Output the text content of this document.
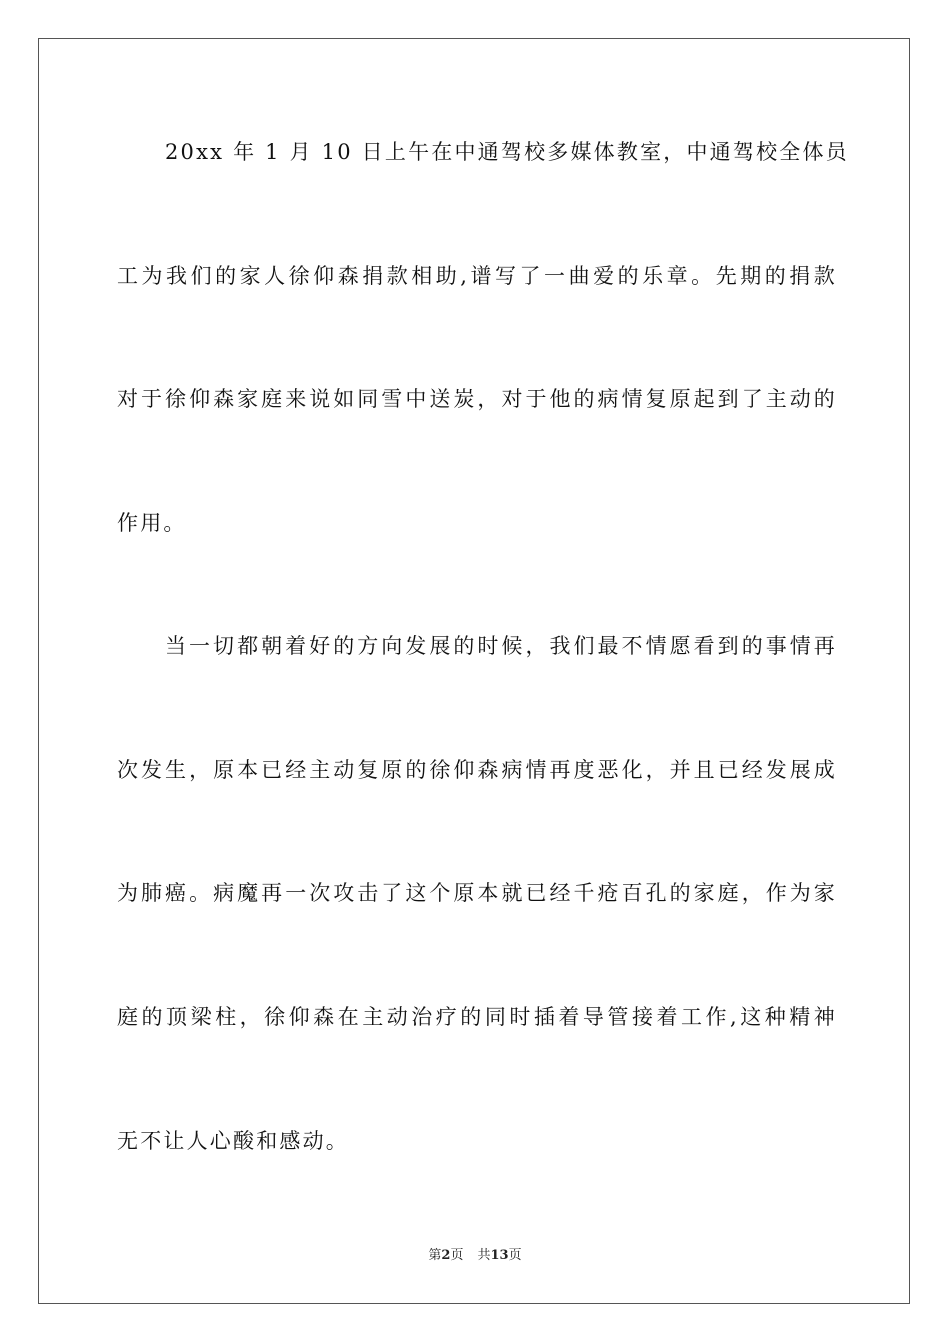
20xx 年 1 月 10 日上午在中通驾校多媒体教室，中通驾校全体员
工为我们的家人徐仰森捐款相助,谱写了一曲爱的乐章。先期的捐款
对于徐仰森家庭来说如同雪中送炭，对于他的病情复原起到了主动的
作用。
当一切都朝着好的方向发展的时候，我们最不情愿看到的事情再
次发生，原本已经主动复原的徐仰森病情再度恶化，并且已经发展成
为肺癌。病魔再一次攻击了这个原本就已经千疮百孔的家庭，作为家
庭的顶梁柱，徐仰森在主动治疗的同时插着导管接着工作,这种精神
无不让人心酸和感动。
第2页 共13页
